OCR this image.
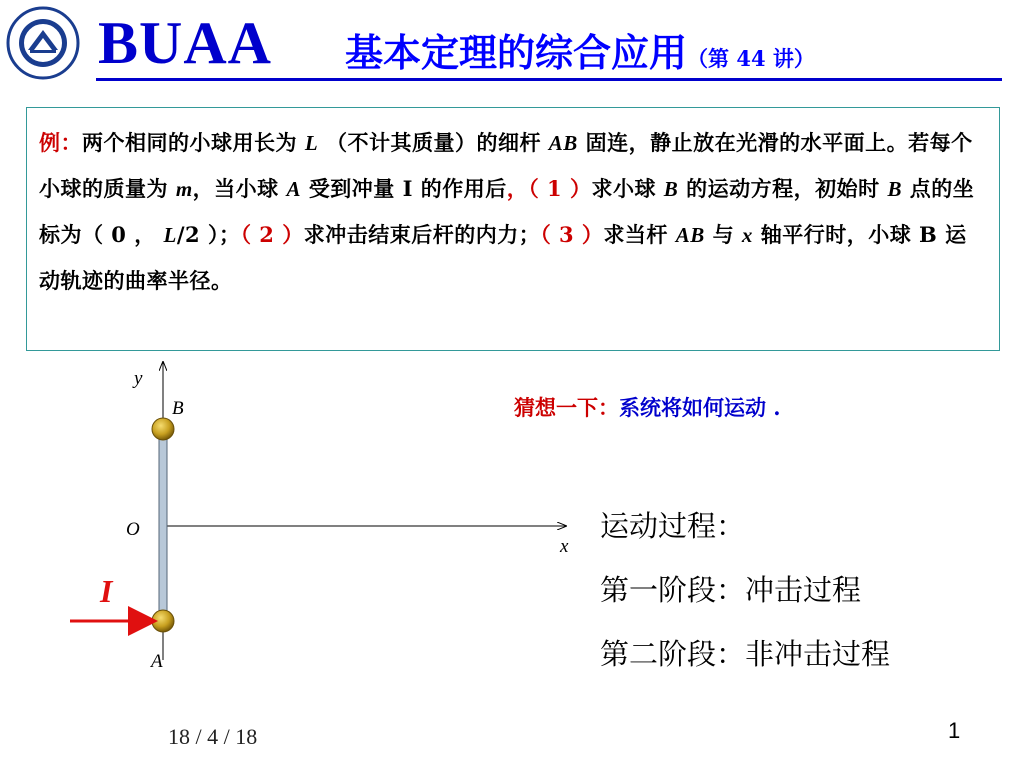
BUAA 基本定理的综合应用（第 44 讲）
例：两个相同的小球用长为 L （不计其质量）的细杆 AB 固连，静止放在光滑的水平面上。若每个小球的质量为 m，当小球 A 受到冲量 I 的作用后，（ 1 ）求小球 B 的运动方程，初始时 B 点的坐标为（ 0 ， L/2 ）；（ 2 ）求冲击结束后杆的内力；（ 3 ）求当杆 AB 与 x 轴平行时，小球 B 运动轨迹的曲率半径。
y
x
O
B
A
I
猜想一下：系统将如何运动 .
运动过程：
第一阶段：冲击过程
第二阶段：非冲击过程
18 / 4 / 18	1
